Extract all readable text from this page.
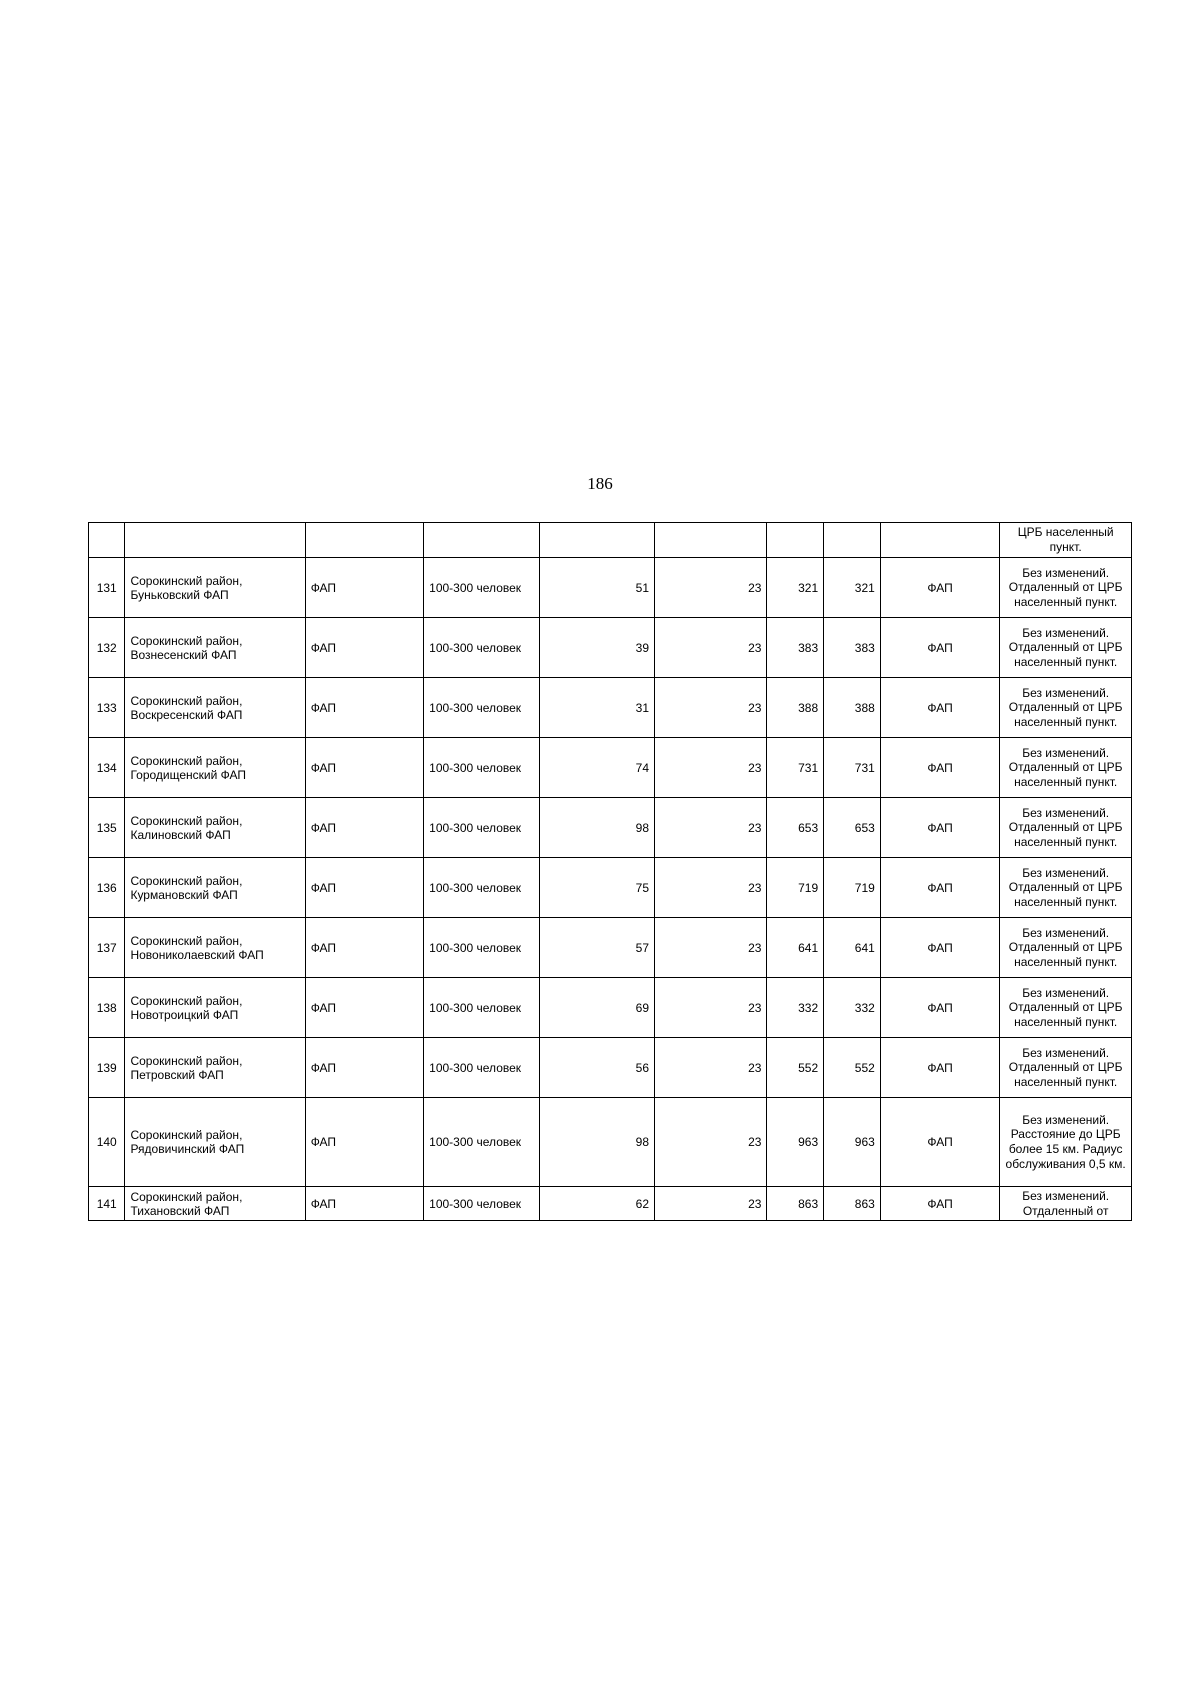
186
									ЦРБ населенный пункт.
131	Сорокинский район, Буньковский ФАП	ФАП	100-300 человек	51	23	321	321	ФАП	Без изменений. Отдаленный от ЦРБ населенный пункт.
132	Сорокинский район, Вознесенский ФАП	ФАП	100-300 человек	39	23	383	383	ФАП	Без изменений. Отдаленный от ЦРБ населенный пункт.
133	Сорокинский район, Воскресенский ФАП	ФАП	100-300 человек	31	23	388	388	ФАП	Без изменений. Отдаленный от ЦРБ населенный пункт.
134	Сорокинский район, Городищенский ФАП	ФАП	100-300 человек	74	23	731	731	ФАП	Без изменений. Отдаленный от ЦРБ населенный пункт.
135	Сорокинский район, Калиновский ФАП	ФАП	100-300 человек	98	23	653	653	ФАП	Без изменений. Отдаленный от ЦРБ населенный пункт.
136	Сорокинский район, Курмановский ФАП	ФАП	100-300 человек	75	23	719	719	ФАП	Без изменений. Отдаленный от ЦРБ населенный пункт.
137	Сорокинский район, Новониколаевский ФАП	ФАП	100-300 человек	57	23	641	641	ФАП	Без изменений. Отдаленный от ЦРБ населенный пункт.
138	Сорокинский район, Новотроицкий ФАП	ФАП	100-300 человек	69	23	332	332	ФАП	Без изменений. Отдаленный от ЦРБ населенный пункт.
139	Сорокинский район, Петровский ФАП	ФАП	100-300 человек	56	23	552	552	ФАП	Без изменений. Отдаленный от ЦРБ населенный пункт.
140	Сорокинский район, Рядовичинский ФАП	ФАП	100-300 человек	98	23	963	963	ФАП	Без изменений. Расстояние до ЦРБ более 15 км. Радиус обслуживания 0,5 км.
141	Сорокинский район, Тихановский ФАП	ФАП	100-300 человек	62	23	863	863	ФАП	Без изменений. Отдаленный от
